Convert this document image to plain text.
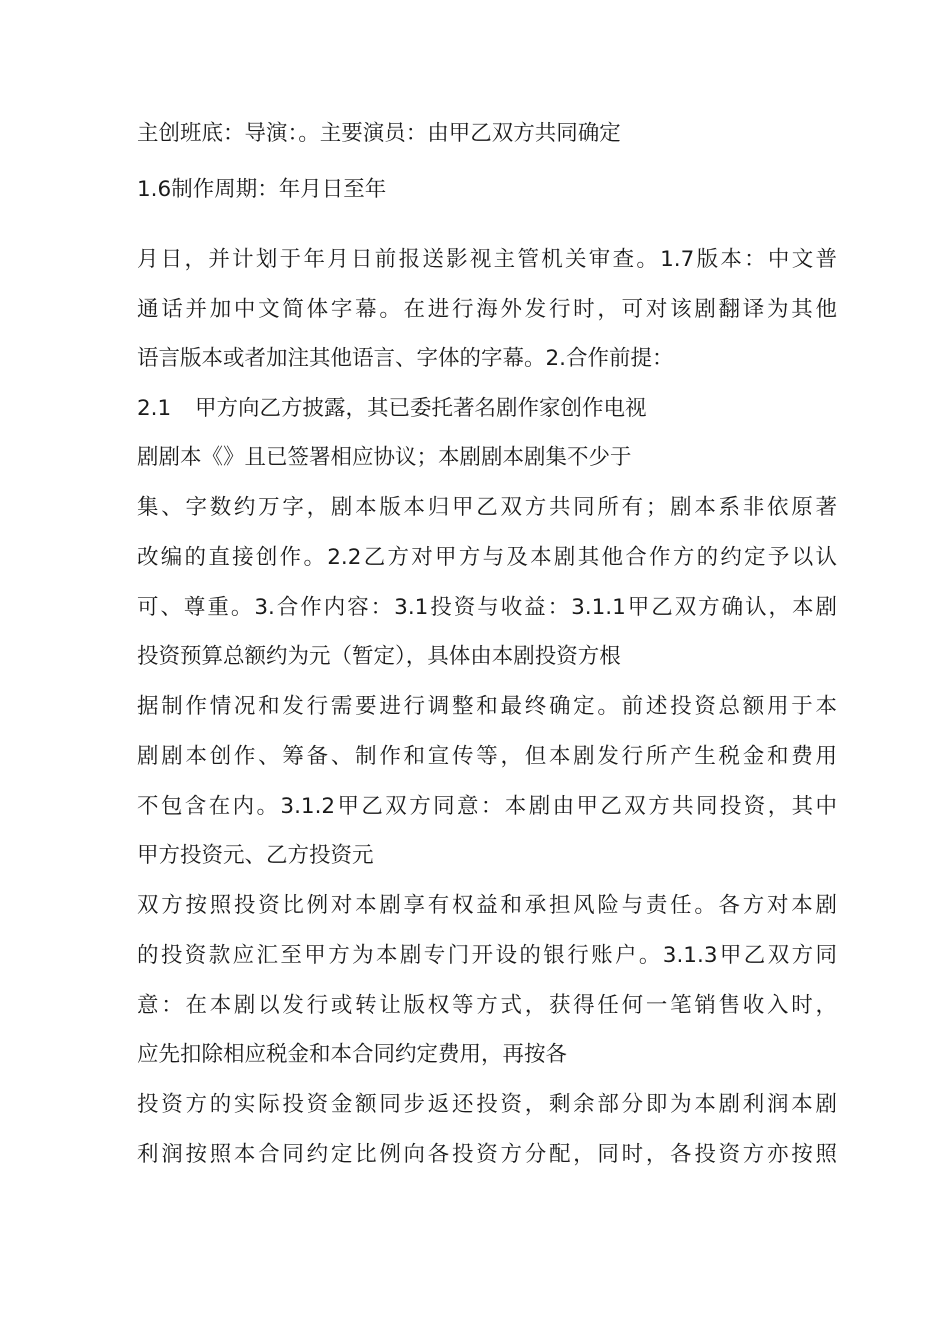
主创班底：导演：。主要演员：由甲乙双方共同确定

1.6制作周期：年月日至年

月日，并计划于年月日前报送影视主管机关审查。1.7版本：中文普

通话并加中文简体字幕。在进行海外发行时，可对该剧翻译为其他

语言版本或者加注其他语言、字体的字幕。2.合作前提：

2.1 甲方向乙方披露，其已委托著名剧作家创作电视

剧剧本《》且已签署相应协议；本剧剧本剧集不少于

集、字数约万字，剧本版本归甲乙双方共同所有；剧本系非依原著

改编的直接创作。2.2乙方对甲方与及本剧其他合作方的约定予以认

可、尊重。3.合作内容：3.1投资与收益：3.1.1甲乙双方确认，本剧

投资预算总额约为元（暂定），具体由本剧投资方根

据制作情况和发行需要进行调整和最终确定。前述投资总额用于本

剧剧本创作、筹备、制作和宣传等，但本剧发行所产生税金和费用

不包含在内。3.1.2甲乙双方同意：本剧由甲乙双方共同投资，其中

甲方投资元、乙方投资元

双方按照投资比例对本剧享有权益和承担风险与责任。各方对本剧

的投资款应汇至甲方为本剧专门开设的银行账户。3.1.3甲乙双方同

意：在本剧以发行或转让版权等方式，获得任何一笔销售收入时，

应先扣除相应税金和本合同约定费用，再按各

投资方的实际投资金额同步返还投资，剩余部分即为本剧利润本剧

利润按照本合同约定比例向各投资方分配，同时，各投资方亦按照
